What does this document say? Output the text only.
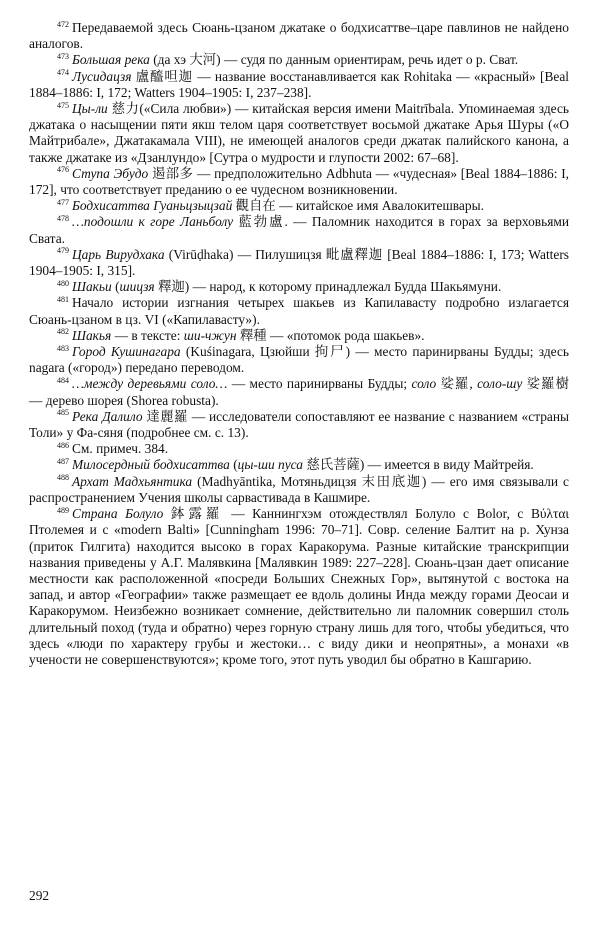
$^{472}$ Передаваемой здесь Сюань-цзаном джатаке о бодхисаттве–царе павлинов не найдено аналогов.

$^{473}$ Большая река (да хэ 大河) — судя по данным ориентирам, речь идет о р. Сват.

$^{474}$ Лусидацзя 盧醯呾迦 — название восстанавливается как Rohitaka — «красный» [Beal 1884–1886: I, 172; Watters 1904–1905: I, 237–238].

$^{475}$ Цы-ли 慈力(«Сила любви») — китайская версия имени Maitrībala. Упоминаемая здесь джатака о насыщении пяти якш телом царя соответствует восьмой джатаке Арья Шуры («О Майтрибале», Джатакамала VIII), не имеющей аналогов среди джатак палийского канона, а также джатаке из «Дзанлундо» [Сутра о мудрости и глупости 2002: 67–68].

$^{476}$ Ступа Эбудо 遏部多 — предположительно Adbhuta — «чудесная» [Beal 1884–1886: I, 172], что соответствует преданию о ее чудесном возникновении.

$^{477}$ Бодхисаттва Гуаньцзыцзай 觀自在 — китайское имя Авалокитешвары.

$^{478}$ …подошли к горе Ланьболу 藍勃盧. — Паломник находится в горах за верховьями Свата.

$^{479}$ Царь Вирудхака (Virūḍhaka) — Пилушицзя 毗盧釋迦 [Beal 1884–1886: I, 173; Watters 1904–1905: I, 315].

$^{480}$ Шакьи (шицзя 釋迦) — народ, к которому принадлежал Будда Шакьямуни.

$^{481}$ Начало истории изгнания четырех шакьев из Капилавасту подробно излагается Сюань-цзаном в цз. VI («Капилавасту»).

$^{482}$ Шакья — в тексте: ши-чжун 釋種 — «потомок рода шакьев».

$^{483}$ Город Кушинагара (Kuśinagara, Цзюйши 拘尸) — место паринирваны Будды; здесь nagara («город») передано переводом.

$^{484}$ …между деревьями соло… — место паринирваны Будды; соло 娑羅, соло-шу 娑羅樹 — дерево шорея (Shorea robusta).

$^{485}$ Река Далило 達麗羅 — исследователи сопоставляют ее название с названием «страны Толи» у Фа-сяня (подробнее см. с. 13).

$^{486}$ См. примеч. 384.

$^{487}$ Милосердный бодхисаттва (цы-ши пуса 慈氏菩薩) — имеется в виду Майтрейя.

$^{488}$ Архат Мадхьянтика (Madhyāntika, Мотяньдицзя 末田底迦) — его имя связывали с распространением Учения школы сарвастивада в Кашмире.

$^{489}$ Страна Болуло 鉢露羅 — Каннингхэм отождествлял Болуло с Bolor, с Βύλται Птолемея и с «modern Balti» [Cunningham 1996: 70–71]. Совр. селение Балтит на р. Хунза (приток Гилгита) находится высоко в горах Каракорума. Разные китайские транскрипции названия приведены у А.Г. Малявкина [Малявкин 1989: 227–228]. Сюань-цзан дает описание местности как расположенной «посреди Больших Снежных Гор», вытянутой с востока на запад, и автор «Географии» также размещает ее вдоль долины Инда между горами Деосаи и Каракорумом. Неизбежно возникает сомнение, действительно ли паломник совершил столь длительный поход (туда и обратно) через горную страну лишь для того, чтобы убедиться, что здесь «люди по характеру грубы и жестоки… с виду дики и неопрятны», а монахи «в учености не совершенствуются»; кроме того, этот путь уводил бы обратно в Кашгарию.

292
